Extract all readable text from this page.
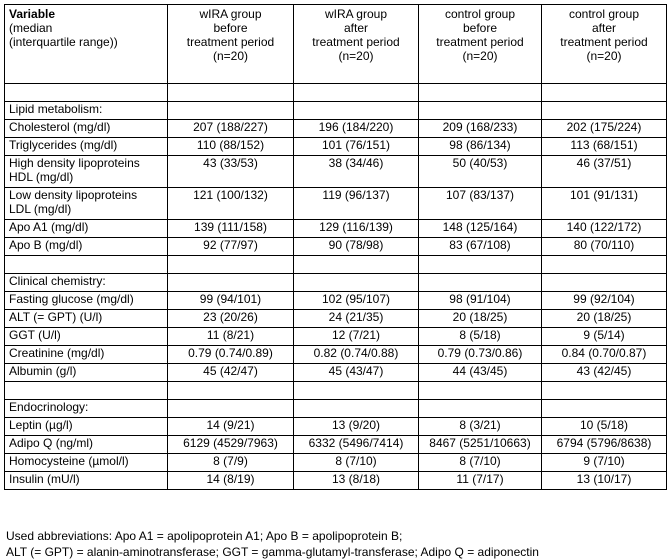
Variable
(median
(interquartile range))	wIRA group
before
treatment period
(n=20)	wIRA group
after
treatment period
(n=20)	control group
before
treatment period
(n=20)	control group
after
treatment period
(n=20)

Lipid metabolism:				
Cholesterol (mg/dl)	207 (188/227)	196 (184/220)	209 (168/233)	202 (175/224)
Triglycerides (mg/dl)	110 (88/152)	101 (76/151)	98 (86/134)	113 (68/151)

High density lipoproteins
HDL (mg/dl)	43 (33/53)	38 (34/46)	50 (40/53)	46 (37/51)

Low density lipoproteins
LDL (mg/dl)	121 (100/132)	119 (96/137)	107 (83/137)	101 (91/131)
Apo A1 (mg/dl)	139 (111/158)	129 (116/139)	148 (125/164)	140 (122/172)
Apo B (mg/dl)	92 (77/97)	90 (78/98)	83 (67/108)	80 (70/110)

Clinical chemistry:				
Fasting glucose (mg/dl)	99 (94/101)	102 (95/107)	98 (91/104)	99 (92/104)
ALT (= GPT) (U/l)	23 (20/26)	24 (21/35)	20 (18/25)	20 (18/25)
GGT (U/l)	11 (8/21)	12 (7/21)	8 (5/18)	9 (5/14)
Creatinine (mg/dl)	0.79 (0.74/0.89)	0.82 (0.74/0.88)	0.79 (0.73/0.86)	0.84 (0.70/0.87)
Albumin (g/l)	45 (42/47)	45 (43/47)	44 (43/45)	43 (42/45)

Endocrinology:				
Leptin (µg/l)	14 (9/21)	13 (9/20)	8 (3/21)	10 (5/18)
Adipo Q (ng/ml)	6129 (4529/7963)	6332 (5496/7414)	8467 (5251/10663)	6794 (5796/8638)
Homocysteine (µmol/l)	8 (7/9)	8 (7/10)	8 (7/10)	9 (7/10)
Insulin (mU/l)	14 (8/19)	13 (8/18)	11 (7/17)	13 (10/17)
Used abbreviations: Apo A1 = apolipoprotein A1; Apo B = apolipoprotein B;
ALT (= GPT) = alanin-aminotransferase; GGT = gamma-glutamyl-transferase; Adipo Q = adiponectin
